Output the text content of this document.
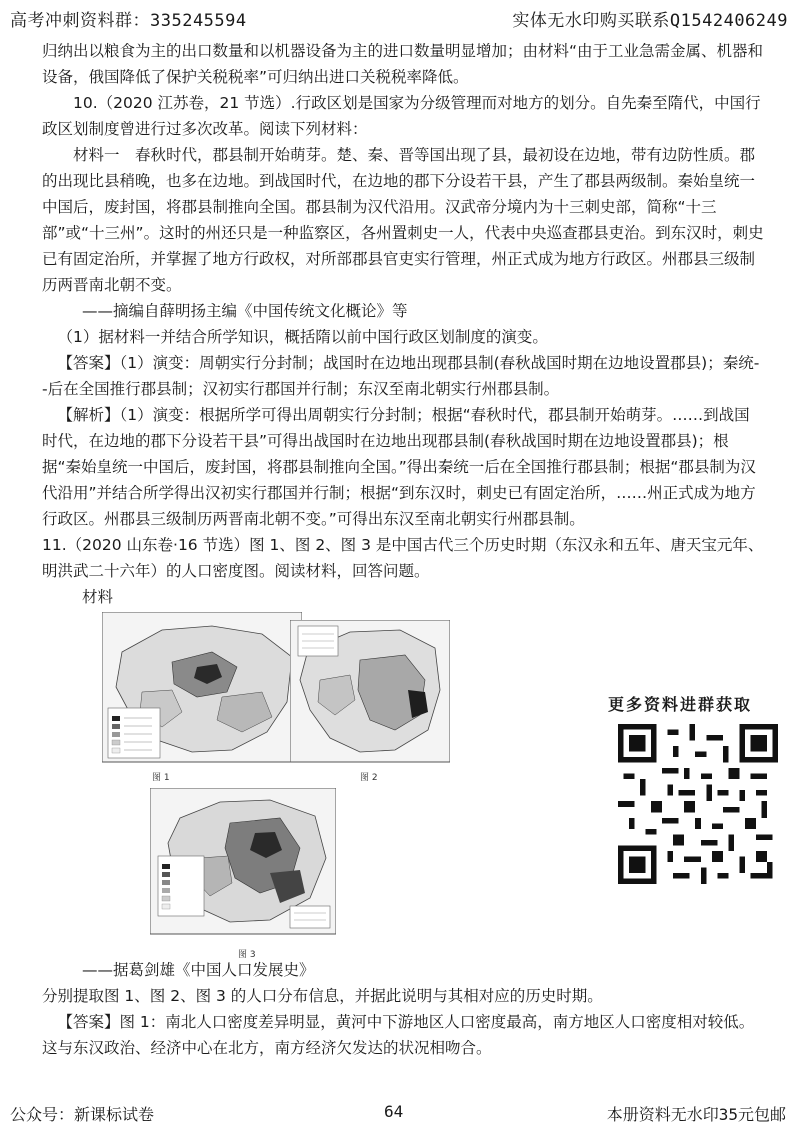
高考冲刺资料群：335245594	实体无水印购买联系Q1542406249

归纳出以粮食为主的出口数量和以机器设备为主的进口数量明显增加；由材料“由于工业急需金属、机器和设备，俄国降低了保护关税税率”可归纳出进口关税税率降低。

10.（2020 江苏卷，21 节选）.行政区划是国家为分级管理而对地方的划分。自先秦至隋代，中国行政区划制度曾进行过多次改革。阅读下列材料：

材料一　春秋时代，郡县制开始萌芽。楚、秦、晋等国出现了县，最初设在边地，带有边防性质。郡的出现比县稍晚，也多在边地。到战国时代，在边地的郡下分设若干县，产生了郡县两级制。秦始皇统一中国后，废封国，将郡县制推向全国。郡县制为汉代沿用。汉武帝分境内为十三刺史部，简称“十三部”或“十三州”。这时的州还只是一种监察区，各州置刺史一人，代表中央巡查郡县吏治。到东汉时，刺史已有固定治所，并掌握了地方行政权，对所部郡县官吏实行管理，州正式成为地方行政区。州郡县三级制历两晋南北朝不变。

——摘编自薛明扬主编《中国传统文化概论》等

（1）据材料一并结合所学知识，概括隋以前中国行政区划制度的演变。

【答案】（1）演变：周朝实行分封制；战国时在边地出现郡县制(春秋战国时期在边地设置郡县)；秦统--后在全国推行郡县制；汉初实行郡国并行制；东汉至南北朝实行州郡县制。

【解析】（1）演变：根据所学可得出周朝实行分封制；根据“春秋时代，郡县制开始萌芽。……到战国时代，在边地的郡下分设若干县”可得出战国时在边地出现郡县制(春秋战国时期在边地设置郡县)；根据“秦始皇统一中国后，废封国，将郡县制推向全国。”得出秦统一后在全国推行郡县制；根据“郡县制为汉代沿用”并结合所学得出汉初实行郡国并行制；根据“到东汉时，刺史已有固定治所，……州正式成为地方行政区。州郡县三级制历两晋南北朝不变。”可得出东汉至南北朝实行州郡县制。

11.（2020 山东卷·16 节选）图 1、图 2、图 3 是中国古代三个历史时期（东汉永和五年、唐天宝元年、明洪武二十六年）的人口密度图。阅读材料，回答问题。

材料

图 1	图 2
图 3

——据葛剑雄《中国人口发展史》

分别提取图 1、图 2、图 3 的人口分布信息，并据此说明与其相对应的历史时期。

【答案】图 1：南北人口密度差异明显，黄河中下游地区人口密度最高，南方地区人口密度相对较低。这与东汉政治、经济中心在北方，南方经济欠发达的状况相吻合。

更多资料进群获取
公众号：新课标试卷	64	本册资料无水印35元包邮
